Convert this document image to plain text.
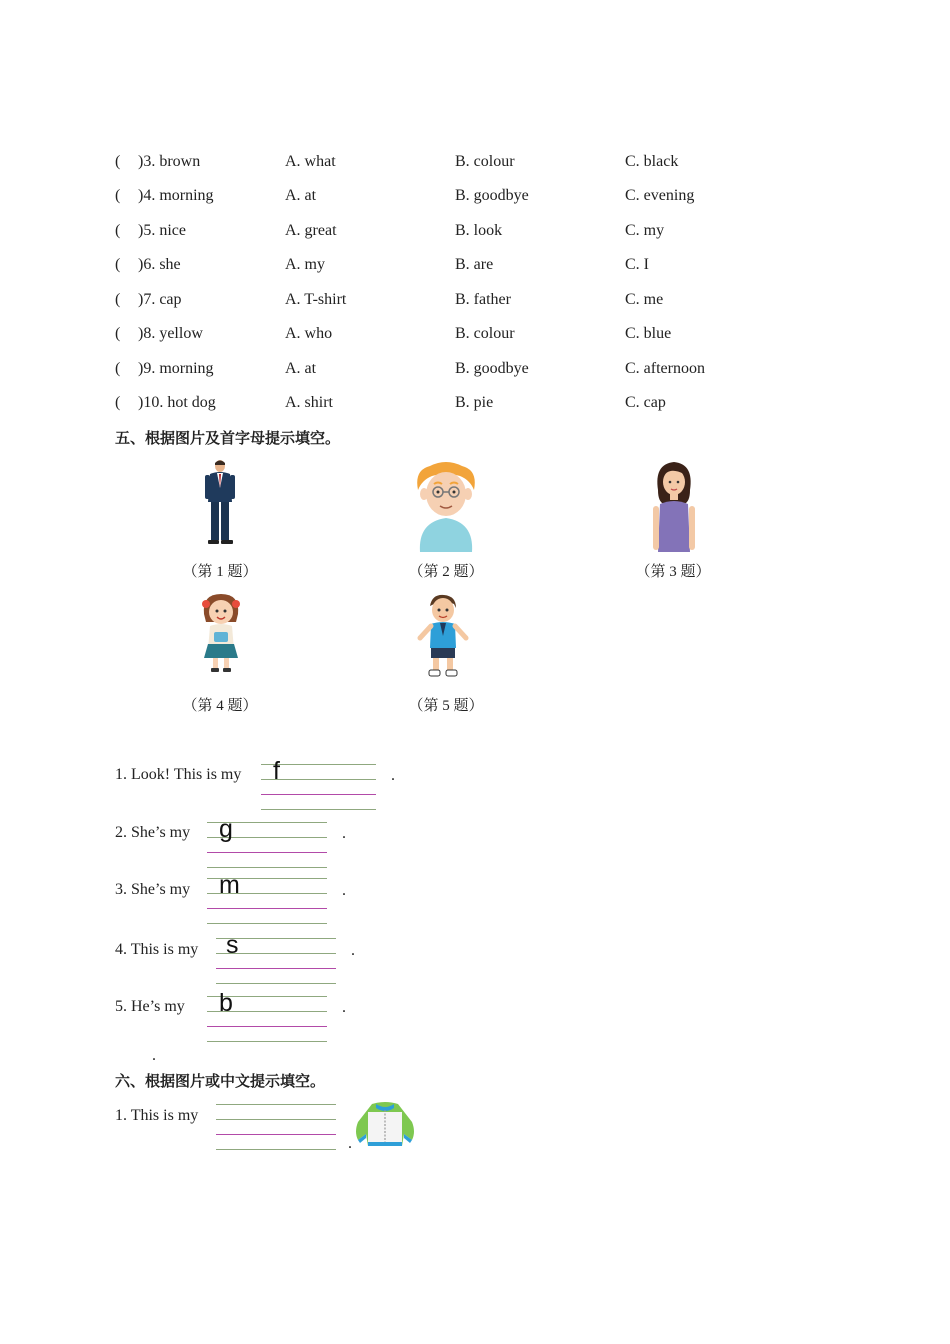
( )3. brown	A. what	B. colour	C. black
( )4. morning	A. at	B. goodbye	C. evening
( )5. nice	A. great	B. look	C. my
( )6. she	A. my	B. are	C. I
( )7. cap	A. T-shirt	B. father	C. me
( )8. yellow	A. who	B. colour	C. blue
( )9. morning	A. at	B. goodbye	C. afternoon
( )10. hot dog	A. shirt	B. pie	C. cap
五、根据图片及首字母提示填空。
（第 1 题）	（第 2 题）	（第 3 题）
（第 4 题）	（第 5 题）
1. Look! This is my f	.
2. She’s my g	.
3. She’s my m	.
4. This is my s	.
5. He’s my b	.
.
六、根据图片或中文提示填空。
1. This is my
.
